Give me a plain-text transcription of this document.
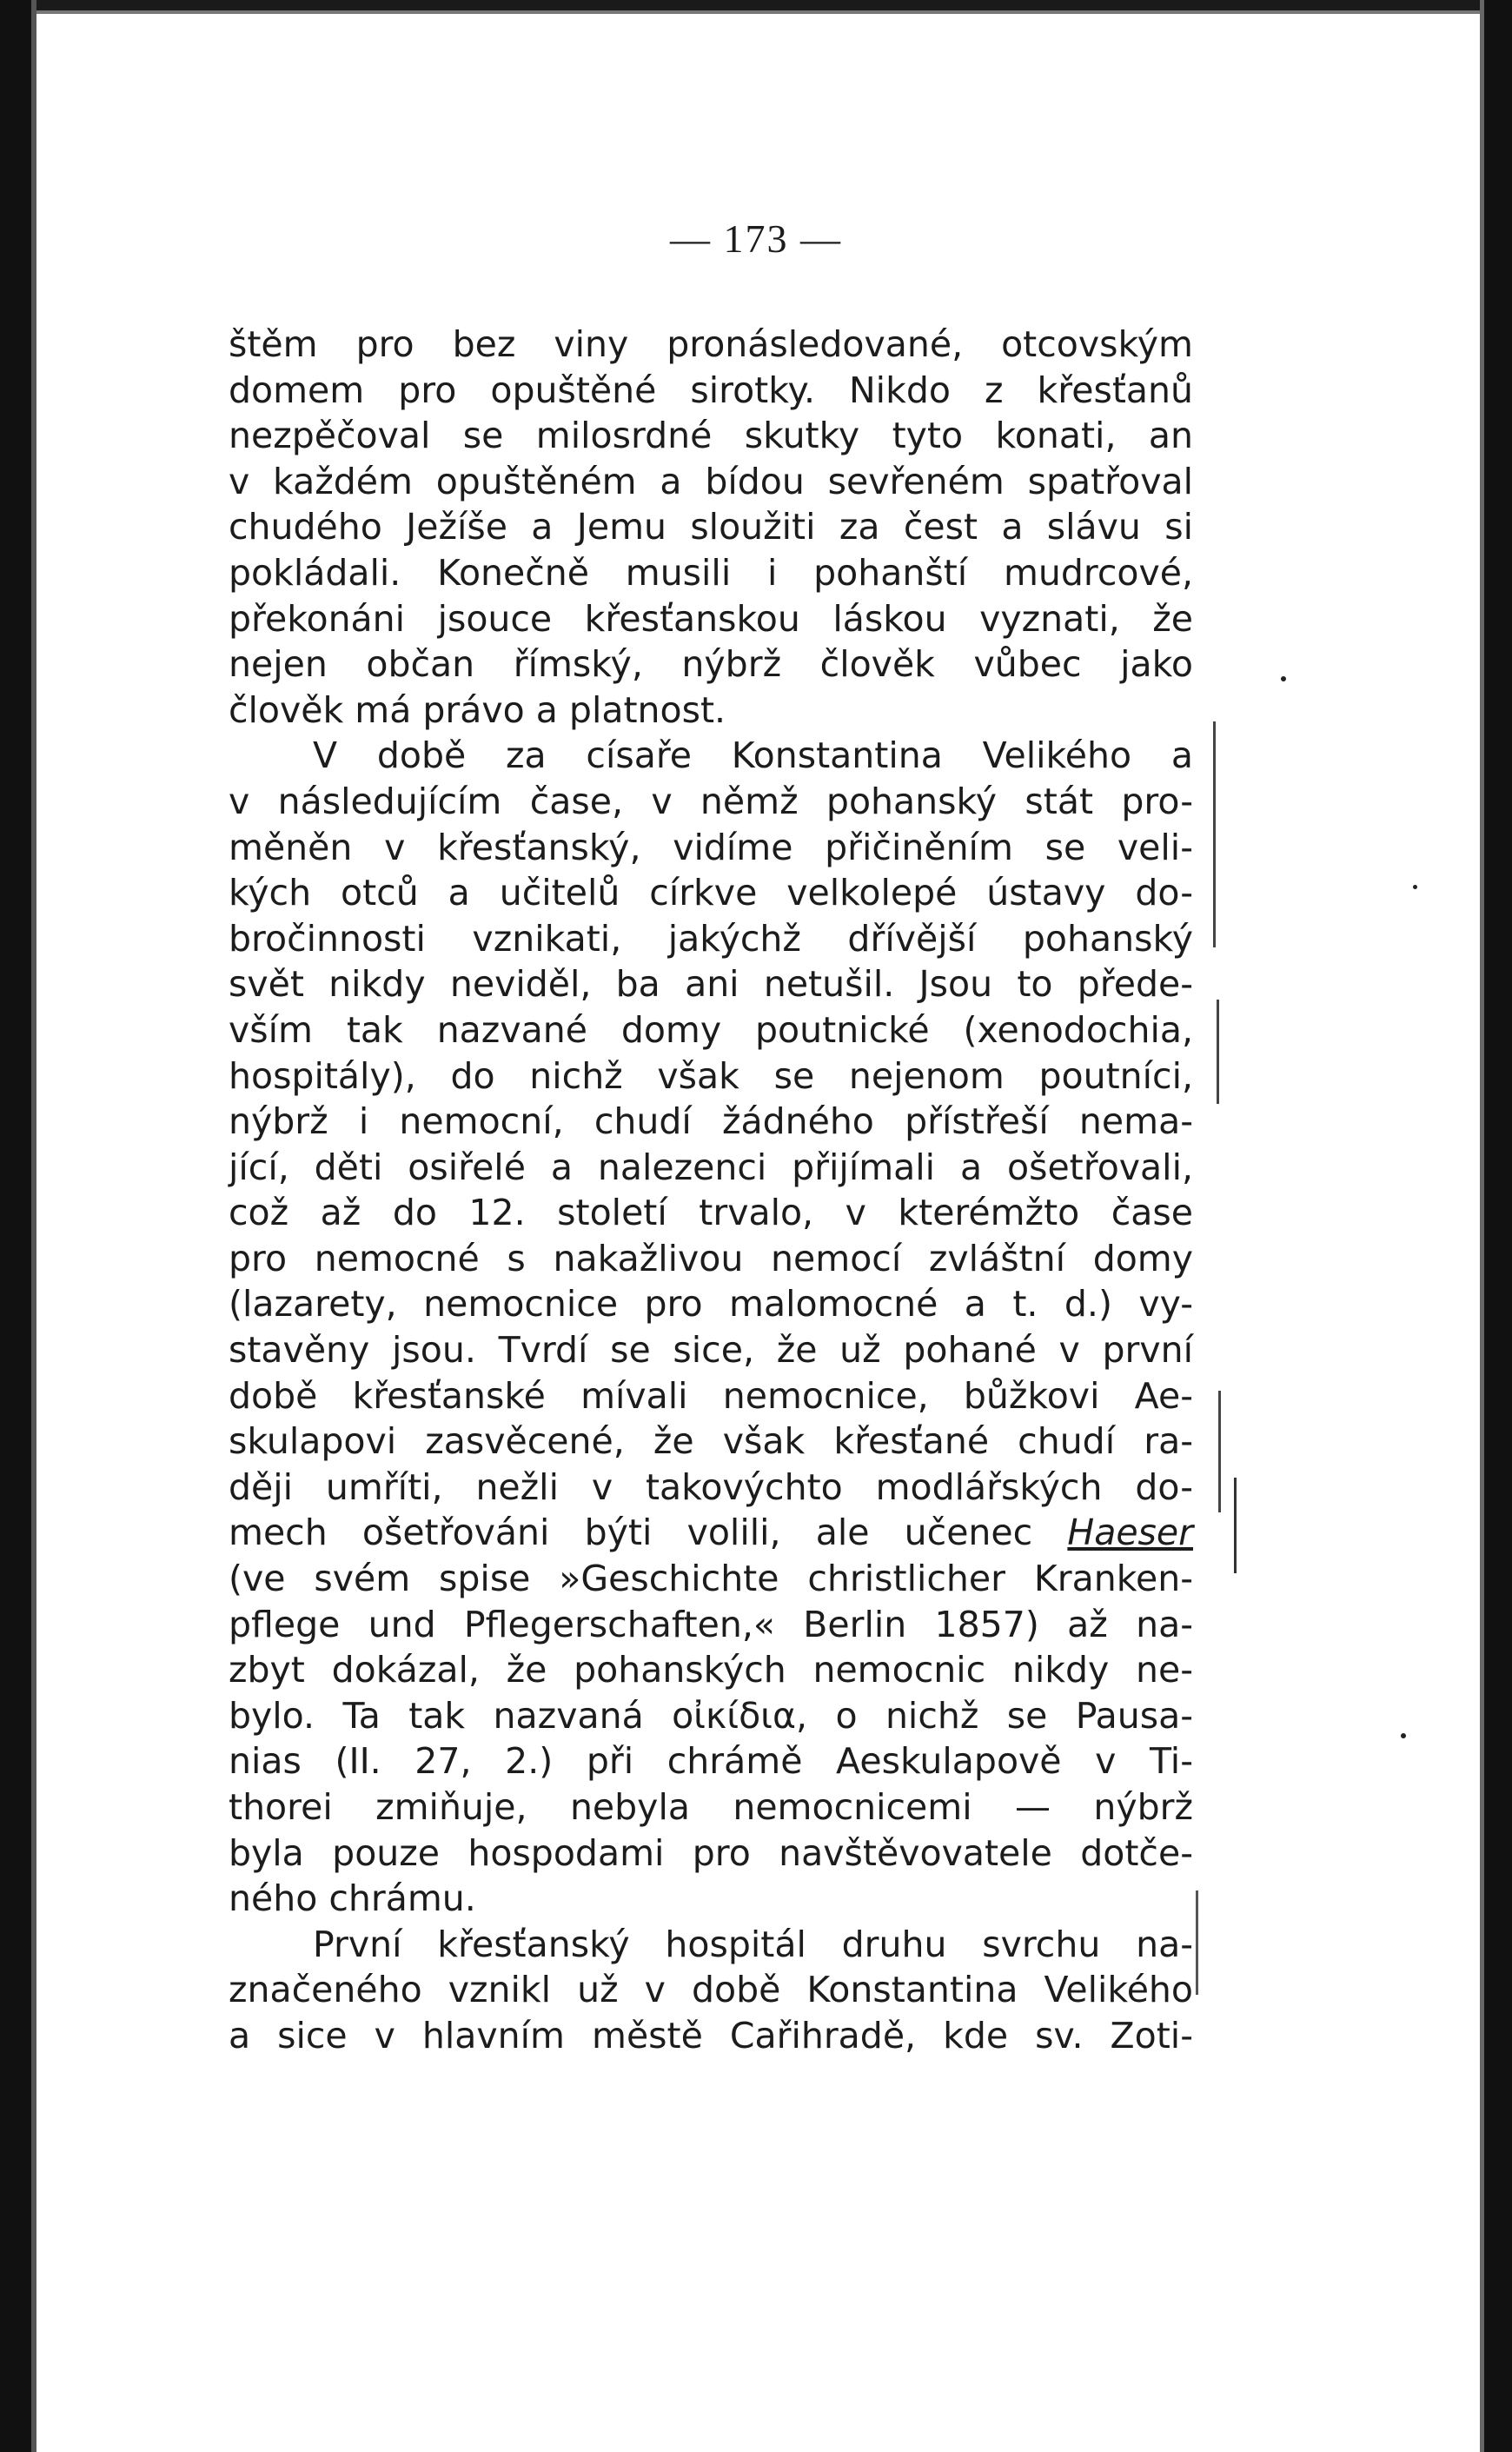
— 173 —
štěm pro bez viny pronásledované, otcovským
domem pro opuštěné sirotky. Nikdo z křesťanů
nezpěčoval se milosrdné skutky tyto konati, an
v každém opuštěném a bídou sevřeném spatřoval
chudého Ježíše a Jemu sloužiti za čest a slávu si
pokládali. Konečně musili i pohanští mudrcové,
překonáni jsouce křesťanskou láskou vyznati, že
nejen občan římský, nýbrž člověk vůbec jako
člověk má právo a platnost.
V době za císaře Konstantina Velikého a
v následujícím čase, v němž pohanský stát pro-
měněn v křesťanský, vidíme přičiněním se veli-
kých otců a učitelů církve velkolepé ústavy do-
bročinnosti vznikati, jakýchž dřívější pohanský
svět nikdy neviděl, ba ani netušil. Jsou to přede-
vším tak nazvané domy poutnické (xenodochia,
hospitály), do nichž však se nejenom poutníci,
nýbrž i nemocní, chudí žádného přístřeší nema-
jící, děti osiřelé a nalezenci přijímali a ošetřovali,
což až do 12. století trvalo, v kterémžto čase
pro nemocné s nakažlivou nemocí zvláštní domy
(lazarety, nemocnice pro malomocné a t. d.) vy-
stavěny jsou. Tvrdí se sice, že už pohané v první
době křesťanské mívali nemocnice, bůžkovi Ae-
skulapovi zasvěcené, že však křesťané chudí ra-
ději umříti, nežli v takovýchto modlářských do-
mech ošetřováni býti volili, ale učenec Haeser
(ve svém spise »Geschichte christlicher Kranken-
pflege und Pflegerschaften,« Berlin 1857) až na-
zbyt dokázal, že pohanských nemocnic nikdy ne-
bylo. Ta tak nazvaná οἰκίδια, o nichž se Pausa-
nias (II. 27, 2.) při chrámě Aeskulapově v Ti-
thorei zmiňuje, nebyla nemocnicemi — nýbrž
byla pouze hospodami pro navštěvovatele dotče-
ného chrámu.
První křesťanský hospitál druhu svrchu na-
značeného vznikl už v době Konstantina Velikého
a sice v hlavním městě Cařihradě, kde sv. Zoti-
